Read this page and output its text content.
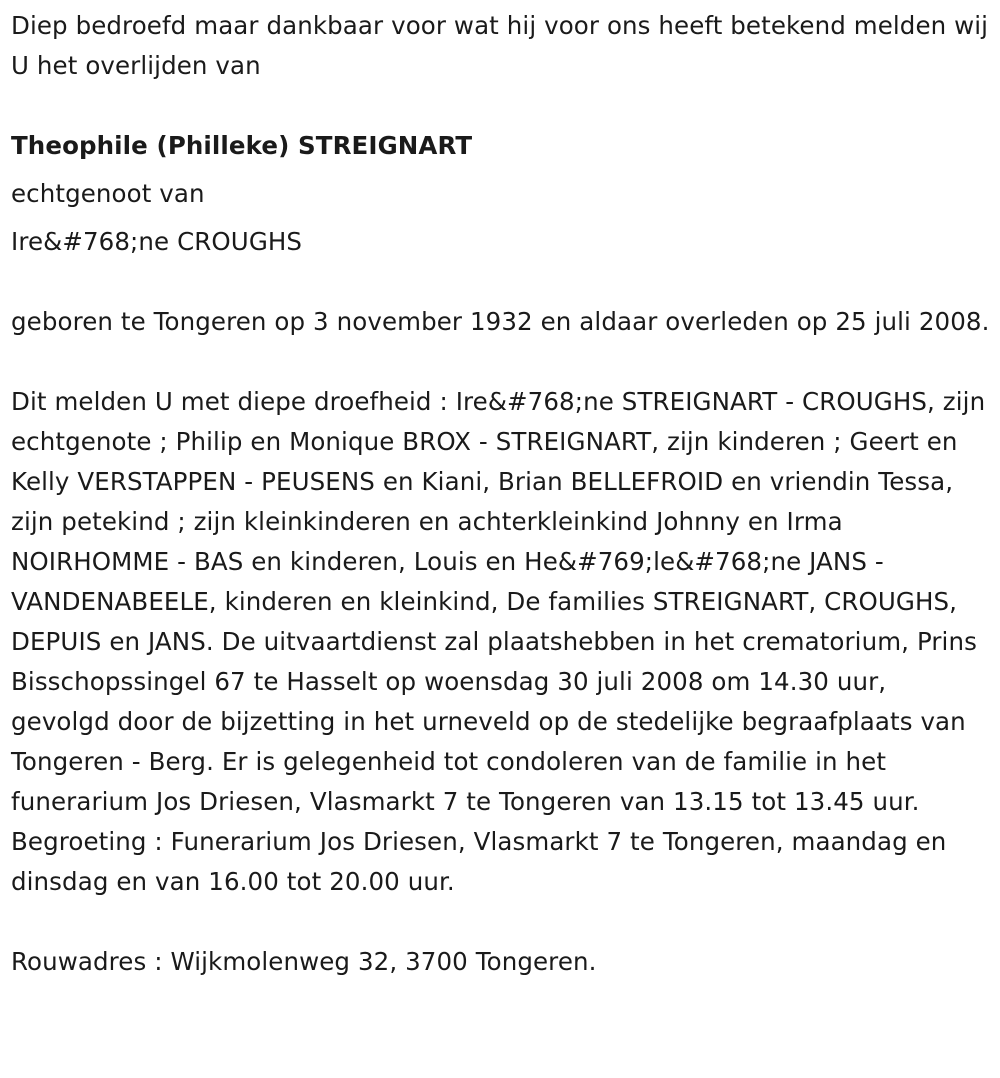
Diep bedroefd maar dankbaar voor wat hij voor ons heeft betekend melden wij U het overlijden van

Theophile (Philleke) STREIGNART

echtgenoot van

Ire&#768;ne CROUGHS

geboren te Tongeren op 3 november 1932 en aldaar overleden op 25 juli 2008.

Dit melden U met diepe droefheid : Ire&#768;ne STREIGNART - CROUGHS, zijn echtgenote ; Philip en Monique BROX - STREIGNART, zijn kinderen ; Geert en Kelly VERSTAPPEN - PEUSENS en Kiani, Brian BELLEFROID en vriendin Tessa, zijn petekind ; zijn kleinkinderen en achterkleinkind Johnny en Irma NOIRHOMME - BAS en kinderen, Louis en He&#769;le&#768;ne JANS - VANDENABEELE, kinderen en kleinkind, De families STREIGNART, CROUGHS, DEPUIS en JANS. De uitvaartdienst zal plaatshebben in het crematorium, Prins Bisschopssingel 67 te Hasselt op woensdag 30 juli 2008 om 14.30 uur, gevolgd door de bijzetting in het urneveld op de stedelijke begraafplaats van Tongeren - Berg. Er is gelegenheid tot condoleren van de familie in het funerarium Jos Driesen, Vlasmarkt 7 te Tongeren van 13.15 tot 13.45 uur. Begroeting : Funerarium Jos Driesen, Vlasmarkt 7 te Tongeren, maandag en dinsdag en van 16.00 tot 20.00 uur.

Rouwadres : Wijkmolenweg 32, 3700 Tongeren.
